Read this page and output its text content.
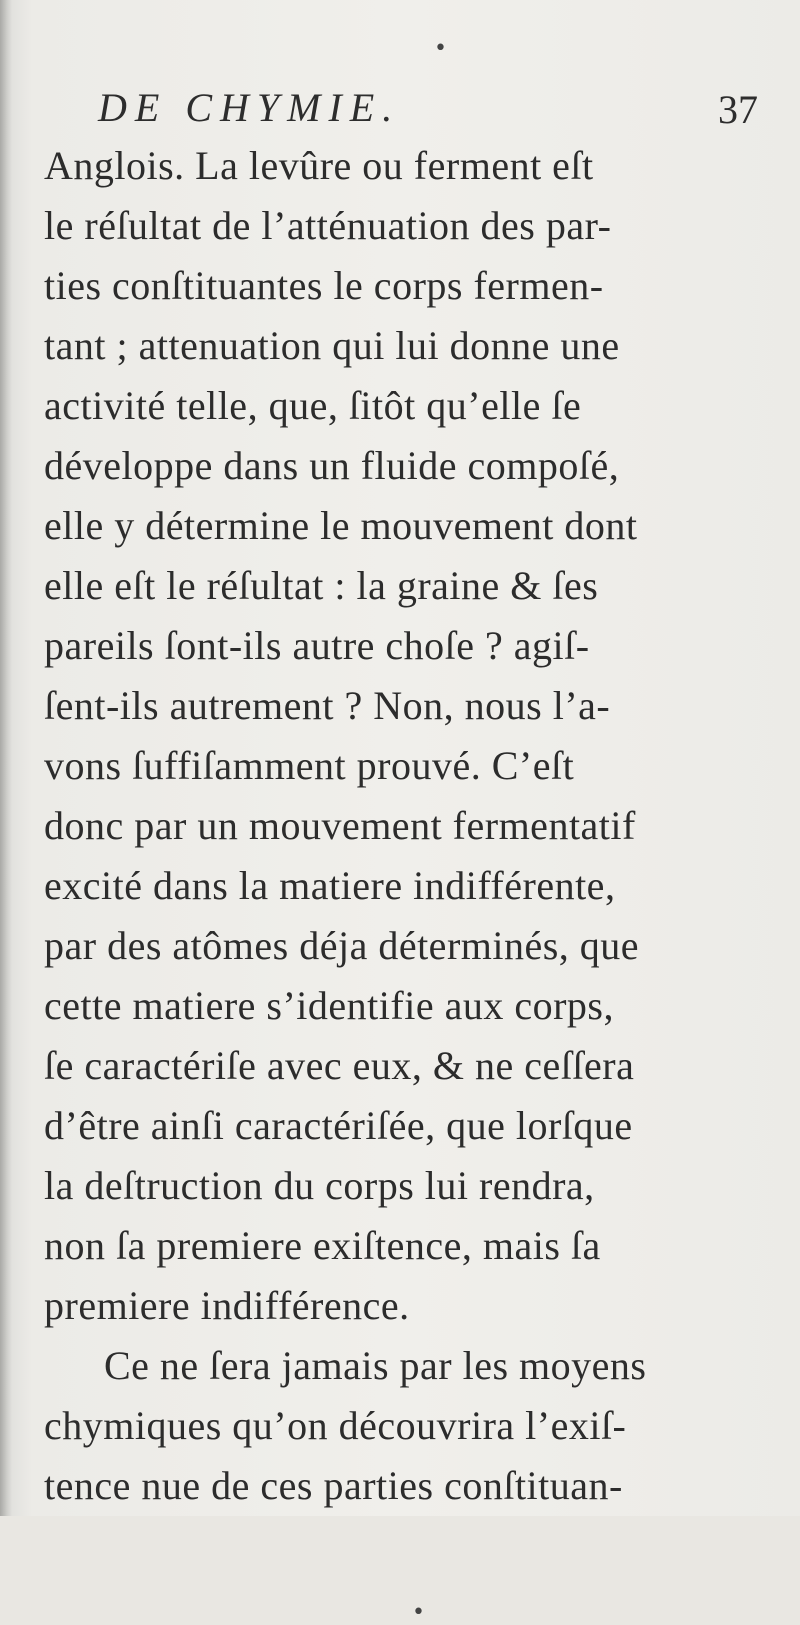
•
DE CHYMIE.	37
Anglois. La levûre ou ferment eſt
le réſultat de l’atténuation des par-
ties conſtituantes le corps fermen-
tant ; attenuation qui lui donne une
activité telle, que, ſitôt qu’elle ſe
développe dans un fluide compoſé,
elle y détermine le mouvement dont
elle eſt le réſultat : la graine & ſes
pareils ſont-ils autre choſe ? agiſ-
ſent-ils autrement ? Non, nous l’a-
vons ſuffiſamment prouvé. C’eſt
donc par un mouvement fermentatif
excité dans la matiere indifférente,
par des atômes déja déterminés, que
cette matiere s’identifie aux corps,
ſe caractériſe avec eux, & ne ceſſera
d’être ainſi caractériſée, que lorſque
la deſtruction du corps lui rendra,
non ſa premiere exiſtence, mais ſa
premiere indifférence.
Ce ne ſera jamais par les moyens
chymiques qu’on découvrira l’exiſ-
tence nue de ces parties conſtituan-
•
